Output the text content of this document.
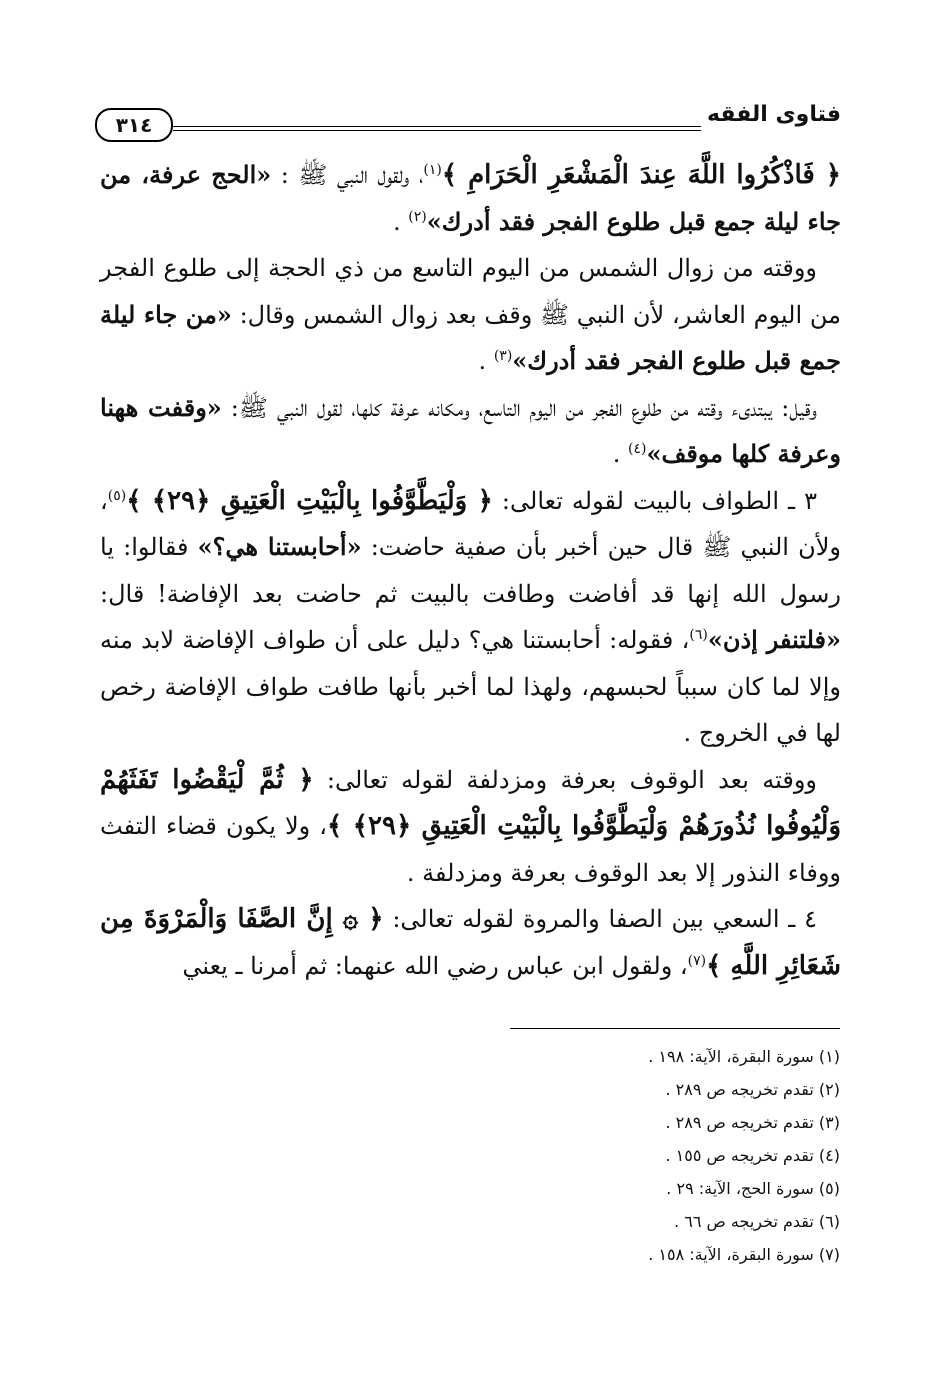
٣١٤	فتاوى الفقه

﴿ فَاذْكُرُوا اللَّهَ عِندَ الْمَشْعَرِ الْحَرَامِ ﴾$^{(١)}$، ولقول النبي ﷺ : «الحج عرفة، من جاء ليلة جمع قبل طلوع الفجر فقد أدرك»$^{(٢)}$ .

ووقته من زوال الشمس من اليوم التاسع من ذي الحجة إلى طلوع الفجر من اليوم العاشر، لأن النبي ﷺ وقف بعد زوال الشمس وقال: «من جاء ليلة جمع قبل طلوع الفجر فقد أدرك»$^{(٣)}$ .

وقيل: يبتدىء وقته من طلوع الفجر من اليوم التاسع، ومكانه عرفة كلها، لقول النبي ﷺ: «وقفت ههنا وعرفة كلها موقف»$^{(٤)}$ .

٣ ـ الطواف بالبيت لقوله تعالى: ﴿ وَلْيَطَّوَّفُوا بِالْبَيْتِ الْعَتِيقِ ﴿٢٩﴾ ﴾$^{(٥)}$، ولأن النبي ﷺ قال حين أخبر بأن صفية حاضت: «أحابستنا هي؟» فقالوا: يا رسول الله إنها قد أفاضت وطافت بالبيت ثم حاضت بعد الإفاضة! قال: «فلتنفر إذن»$^{(٦)}$، فقوله: أحابستنا هي؟ دليل على أن طواف الإفاضة لابد منه وإلا لما كان سبباً لحبسهم، ولهذا لما أخبر بأنها طافت طواف الإفاضة رخص لها في الخروج .

ووقته بعد الوقوف بعرفة ومزدلفة لقوله تعالى: ﴿ ثُمَّ لْيَقْضُوا تَفَثَهُمْ وَلْيُوفُوا نُذُورَهُمْ وَلْيَطَّوَّفُوا بِالْبَيْتِ الْعَتِيقِ ﴿٢٩﴾ ﴾، ولا يكون قضاء التفث ووفاء النذور إلا بعد الوقوف بعرفة ومزدلفة .

٤ ـ السعي بين الصفا والمروة لقوله تعالى: ﴿ ۞ إِنَّ الصَّفَا وَالْمَرْوَةَ مِن شَعَائِرِ اللَّهِ ﴾$^{(٧)}$، ولقول ابن عباس رضي الله عنهما: ثم أمرنا ـ يعني

(١) سورة البقرة، الآية: ١٩٨ .
(٢) تقدم تخريجه ص ٢٨٩ .
(٣) تقدم تخريجه ص ٢٨٩ .
(٤) تقدم تخريجه ص ١٥٥ .
(٥) سورة الحج، الآية: ٢٩ .
(٦) تقدم تخريجه ص ٦٦ .
(٧) سورة البقرة، الآية: ١٥٨ .
